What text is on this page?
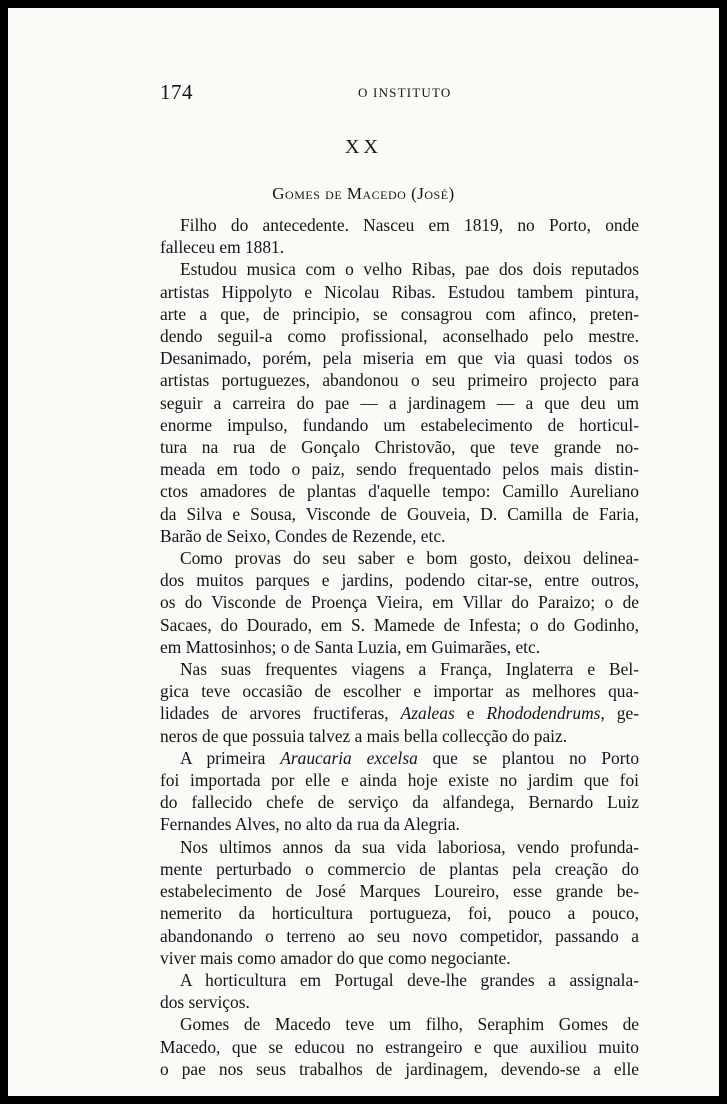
174	O INSTITUTO
XX
Gomes de Macedo (José)
Filho do antecedente. Nasceu em 1819, no Porto, onde
falleceu em 1881.
Estudou musica com o velho Ribas, pae dos dois reputados
artistas Hippolyto e Nicolau Ribas. Estudou tambem pintura,
arte a que, de principio, se consagrou com afinco, preten-
dendo seguil-a como profissional, aconselhado pelo mestre.
Desanimado, porém, pela miseria em que via quasi todos os
artistas portuguezes, abandonou o seu primeiro projecto para
seguir a carreira do pae — a jardinagem — a que deu um
enorme impulso, fundando um estabelecimento de horticul-
tura na rua de Gonçalo Christovão, que teve grande no-
meada em todo o paiz, sendo frequentado pelos mais distin-
ctos amadores de plantas d'aquelle tempo: Camillo Aureliano
da Silva e Sousa, Visconde de Gouveia, D. Camilla de Faria,
Barão de Seixo, Condes de Rezende, etc.
Como provas do seu saber e bom gosto, deixou delinea-
dos muitos parques e jardins, podendo citar-se, entre outros,
os do Visconde de Proença Vieira, em Villar do Paraizo; o de
Sacaes, do Dourado, em S. Mamede de Infesta; o do Godinho,
em Mattosinhos; o de Santa Luzia, em Guimarães, etc.
Nas suas frequentes viagens a França, Inglaterra e Bel-
gica teve occasião de escolher e importar as melhores qua-
lidades de arvores fructiferas, Azaleas e Rhododendrums, ge-
neros de que possuia talvez a mais bella collecção do paiz.
A primeira Araucaria excelsa que se plantou no Porto
foi importada por elle e ainda hoje existe no jardim que foi
do fallecido chefe de serviço da alfandega, Bernardo Luiz
Fernandes Alves, no alto da rua da Alegria.
Nos ultimos annos da sua vida laboriosa, vendo profunda-
mente perturbado o commercio de plantas pela creação do
estabelecimento de José Marques Loureiro, esse grande be-
nemerito da horticultura portugueza, foi, pouco a pouco,
abandonando o terreno ao seu novo competidor, passando a
viver mais como amador do que como negociante.
A horticultura em Portugal deve-lhe grandes a assignala-
dos serviços.
Gomes de Macedo teve um filho, Seraphim Gomes de
Macedo, que se educou no estrangeiro e que auxiliou muito
o pae nos seus trabalhos de jardinagem, devendo-se a elle
